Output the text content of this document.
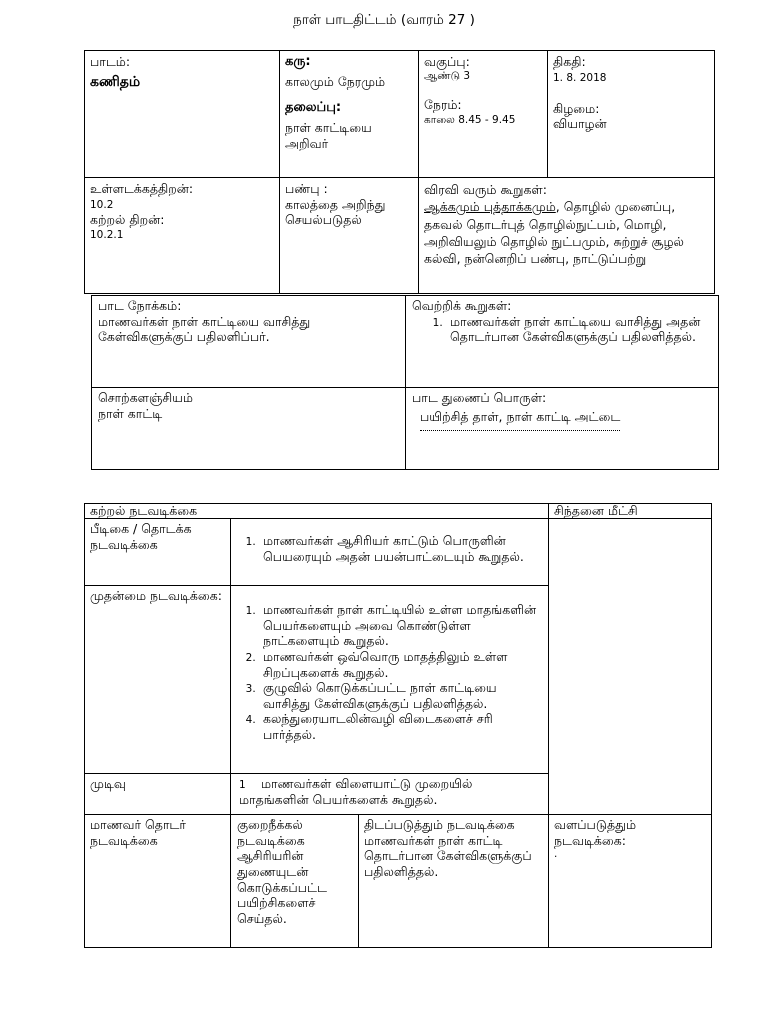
நாள் பாடதிட்டம் (வாரம் 27 )
பாடம்:
கணிதம்
கரு:
காலமும் நேரமும்
தலைப்பு:
நாள் காட்டியை அறிவர்
வகுப்பு:
ஆண்டு 3
நேரம்:
காலை 8.45 - 9.45
திகதி:
1. 8. 2018
கிழமை:
வியாழன்
உள்ளடக்கத்திறன்:
10.2
கற்றல் திறன்:
10.2.1
பண்பு :
காலத்தை அறிந்து செயல்படுதல்
விரவி வரும் கூறுகள்:
ஆக்கமும் புத்தாக்கமும், தொழில் முனைப்பு, தகவல் தொடர்புத் தொழில்நுட்பம், மொழி, அறிவியலும் தொழில் நுட்பமும், சுற்றுச் சூழல் கல்வி, நன்னெறிப் பண்பு, நாட்டுப்பற்று
பாட நோக்கம்:
மாணவர்கள் நாள் காட்டியை வாசித்து கேள்விகளுக்குப் பதிலளிப்பர்.
வெற்றிக் கூறுகள்:
1. மாணவர்கள் நாள் காட்டியை வாசித்து அதன் தொடர்பான கேள்விகளுக்குப் பதிலளித்தல்.
சொற்களஞ்சியம்
நாள் காட்டி
பாட துணைப் பொருள்:
பயிற்சித் தாள், நாள் காட்டி அட்டை
கற்றல் நடவடிக்கை	சிந்தனை மீட்சி
பீடிகை / தொடக்க நடவடிக்கை
1.	மாணவர்கள் ஆசிரியர் காட்டும் பொருளின் பெயரையும் அதன் பயன்பாட்டையும் கூறுதல்.
முதன்மை நடவடிக்கை:
1. மாணவர்கள் நாள் காட்டியில் உள்ள மாதங்களின் பெயர்களையும் அவை கொண்டுள்ள நாட்களையும் கூறுதல்.
2. மாணவர்கள் ஒவ்வொரு மாதத்திலும் உள்ள சிறப்புகளைக் கூறுதல்.
3. குழுவில் கொடுக்கப்பட்ட நாள் காட்டியை வாசித்து கேள்விகளுக்குப் பதிலளித்தல்.
4. கலந்துரையாடலின்வழி விடைகளைச் சரி பார்த்தல்.
முடிவு	1 மாணவர்கள் விளையாட்டு முறையில் மாதங்களின் பெயர்களைக் கூறுதல்.
மாணவர் தொடர் நடவடிக்கை
குறைநீக்கல் நடவடிக்கை ஆசிரியரின் துணையுடன் கொடுக்கப்பட்ட பயிற்சிகளைச் செய்தல்.
திடப்படுத்தும் நடவடிக்கை மாணவர்கள் நாள் காட்டி தொடர்பான கேள்விகளுக்குப் பதிலளித்தல்.
வளப்படுத்தும் நடவடிக்கை:
.
